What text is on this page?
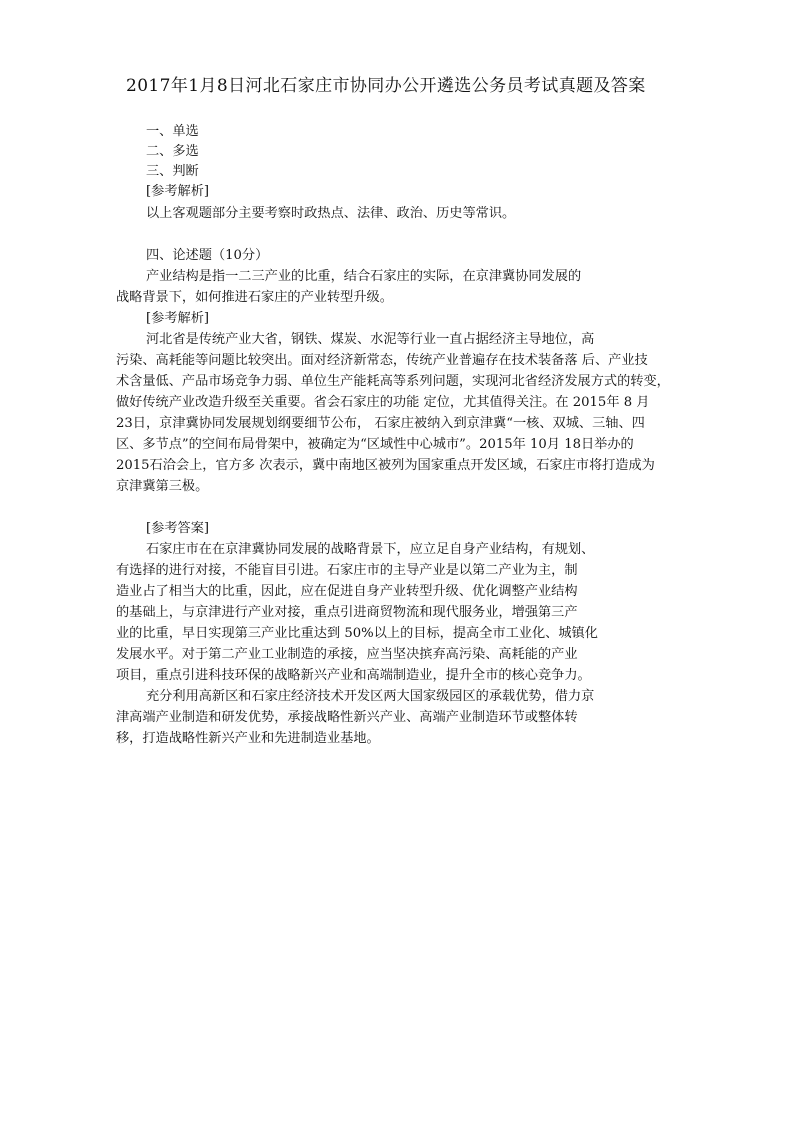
2017年1月8日河北石家庄市协同办公开遴选公务员考试真题及答案
一、单选
二、多选
三、判断
[参考解析]
以上客观题部分主要考察时政热点、法律、政治、历史等常识。
四、论述题（10分）
产业结构是指一二三产业的比重，结合石家庄的实际，在京津冀协同发展的
战略背景下，如何推进石家庄的产业转型升级。
[参考解析]
河北省是传统产业大省，钢铁、煤炭、水泥等行业一直占据经济主导地位，高
污染、高耗能等问题比较突出。面对经济新常态，传统产业普遍存在技术装备落 后、产业技
术含量低、产品市场竞争力弱、单位生产能耗高等系列问题，实现河北省经济发展方式的转变，
做好传统产业改造升级至关重要。省会石家庄的功能 定位，尤其值得关注。在 2015年 8 月
23日，京津冀协同发展规划纲要细节公布， 石家庄被纳入到京津冀“一核、双城、三轴、四
区、多节点”的空间布局骨架中，被确定为“区域性中心城市”。2015年 10月 18日举办的
2015石洽会上，官方多 次表示，冀中南地区被列为国家重点开发区域，石家庄市将打造成为
京津冀第三极。
[参考答案]
石家庄市在在京津冀协同发展的战略背景下，应立足自身产业结构，有规划、
有选择的进行对接，不能盲目引进。石家庄市的主导产业是以第二产业为主，制
造业占了相当大的比重，因此，应在促进自身产业转型升级、优化调整产业结构
的基础上，与京津进行产业对接，重点引进商贸物流和现代服务业，增强第三产
业的比重，早日实现第三产业比重达到 50%以上的目标，提高全市工业化、城镇化
发展水平。对于第二产业工业制造的承接，应当坚决摈弃高污染、高耗能的产业
项目，重点引进科技环保的战略新兴产业和高端制造业，提升全市的核心竞争力。
充分利用高新区和石家庄经济技术开发区两大国家级园区的承载优势，借力京
津高端产业制造和研发优势，承接战略性新兴产业、高端产业制造环节或整体转
移，打造战略性新兴产业和先进制造业基地。
